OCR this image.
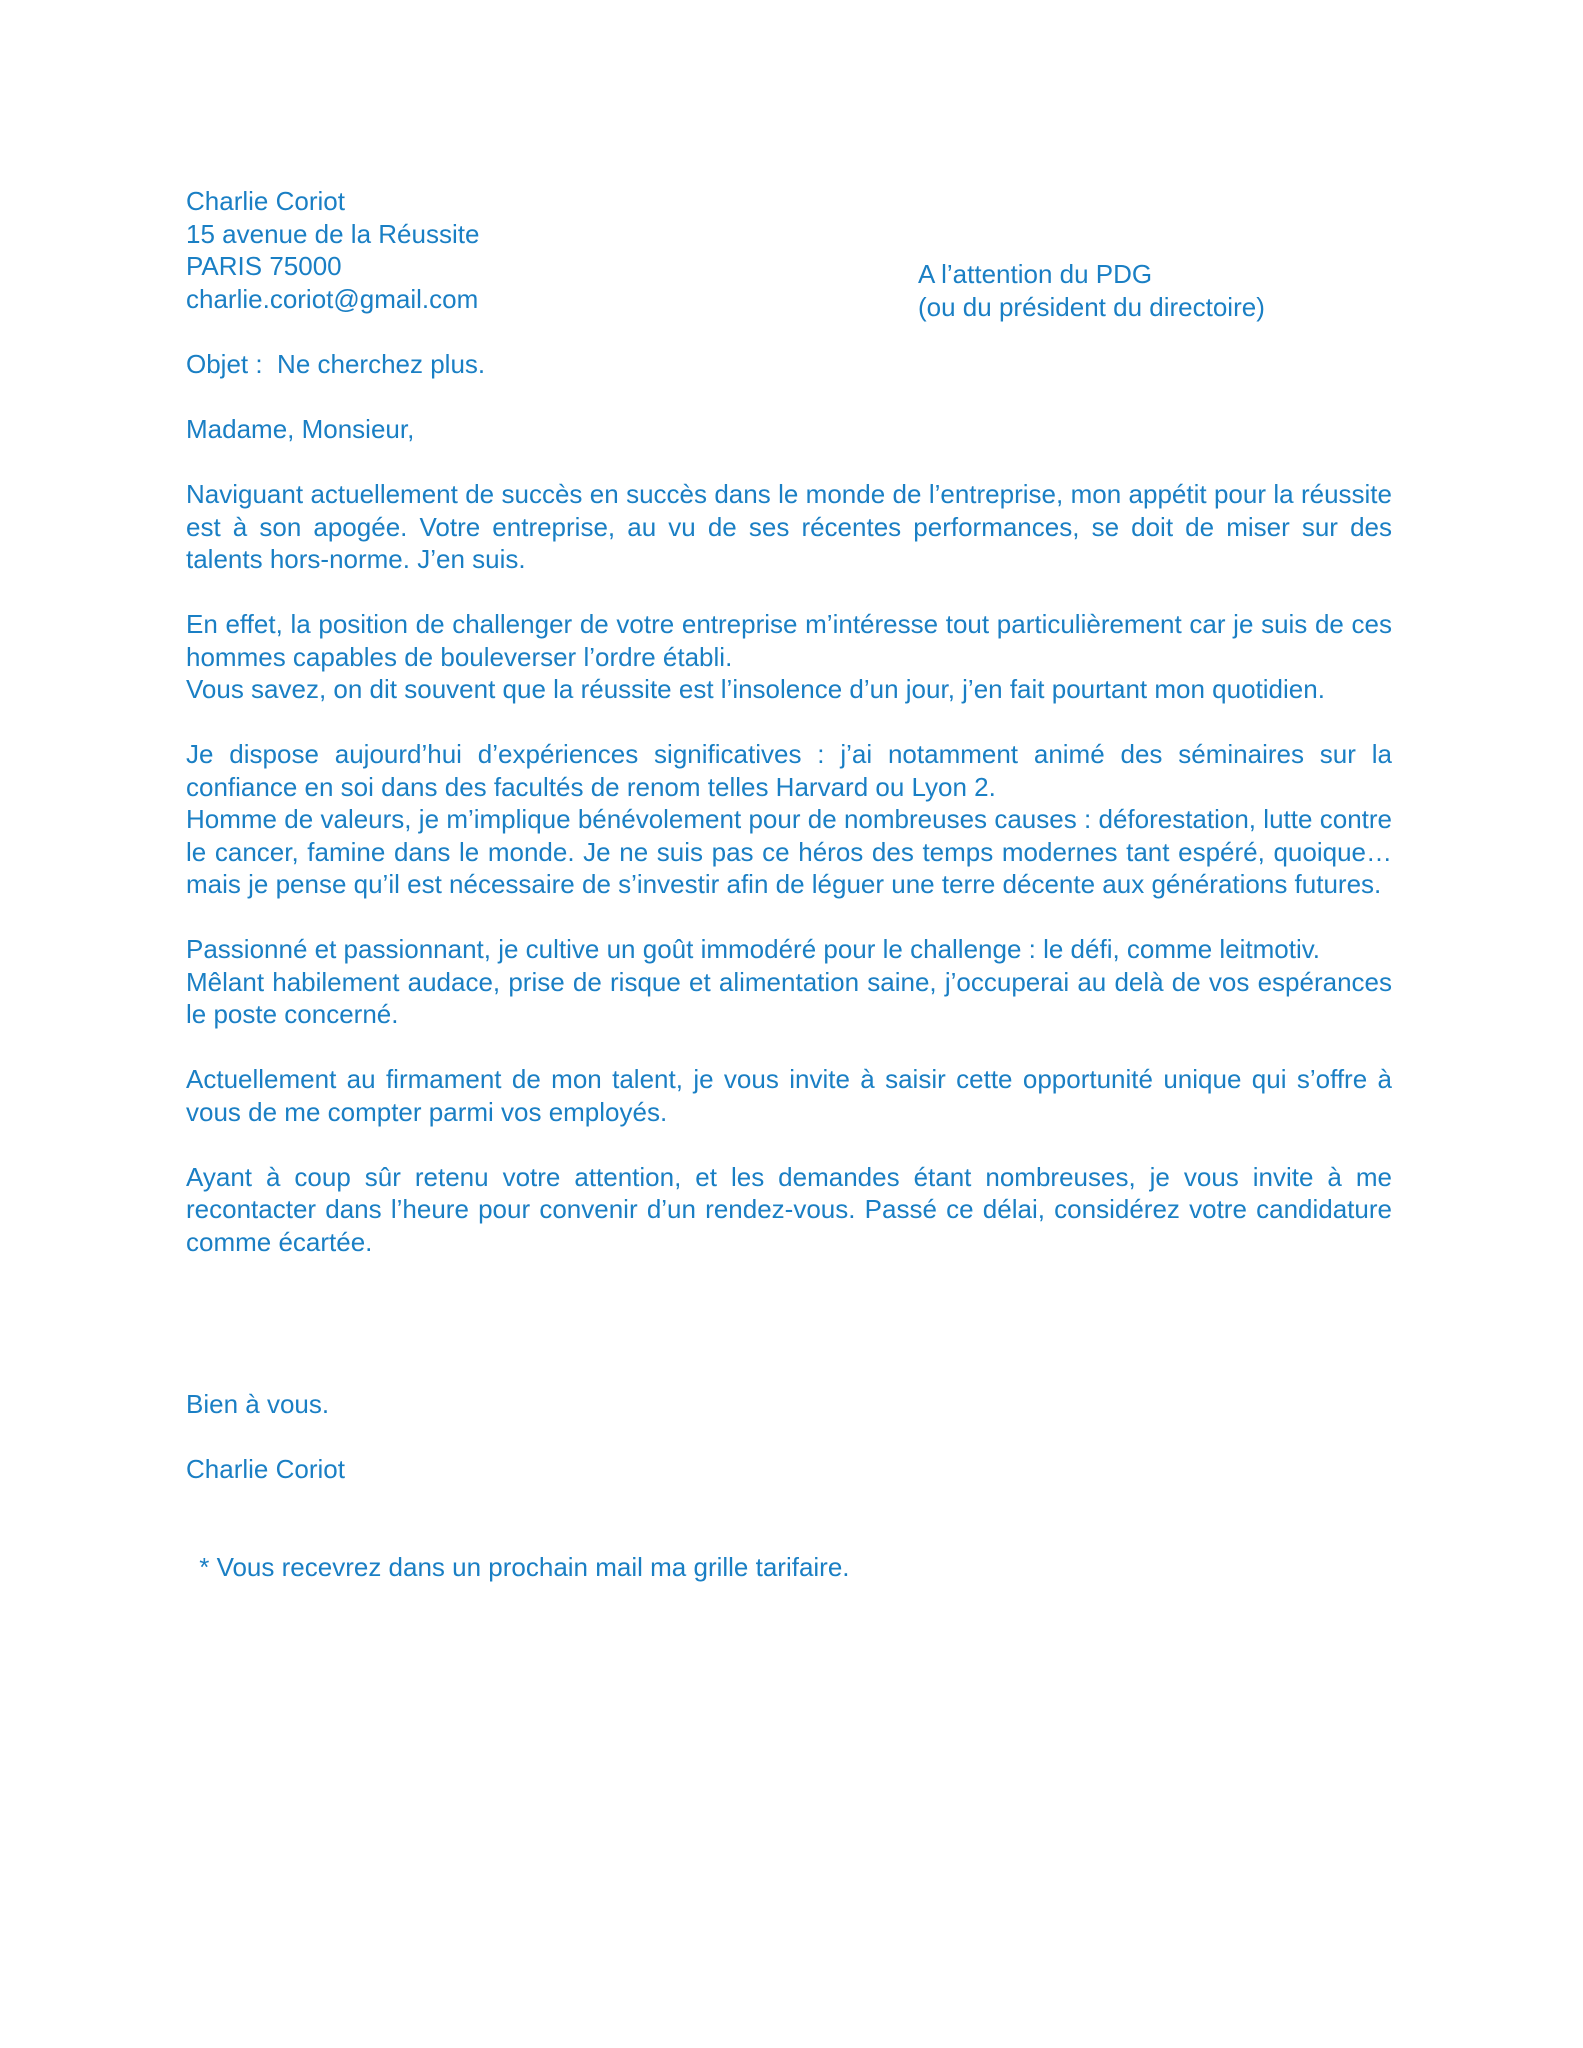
Charlie Coriot
15 avenue de la Réussite
PARIS 75000
charlie.coriot@gmail.com
A l’attention du PDG
(ou du président du directoire)
Objet :  Ne cherchez plus.
Madame, Monsieur,

Naviguant actuellement de succès en succès dans le monde de l’entreprise, mon appétit pour la réussite est à son apogée. Votre entreprise, au vu de ses récentes performances, se doit de miser sur des talents hors-norme. J’en suis.

En effet, la position de challenger de votre entreprise m’intéresse tout particulièrement car je suis de ces hommes capables de bouleverser l’ordre établi.

Vous savez, on dit souvent que la réussite est l’insolence d’un jour, j’en fait pourtant mon quotidien.

Je dispose aujourd’hui d’expériences significatives : j’ai notamment animé des séminaires sur la confiance en soi dans des facultés de renom telles Harvard ou Lyon 2.

Homme de valeurs, je m’implique bénévolement pour de nombreuses causes : déforestation, lutte contre le cancer, famine dans le monde. Je ne suis pas ce héros des temps modernes tant espéré, quoique… mais je pense qu’il est nécessaire de s’investir afin de léguer une terre décente aux générations futures.

Passionné et passionnant, je cultive un goût immodéré pour le challenge : le défi, comme leitmotiv.

Mêlant habilement audace, prise de risque et alimentation saine, j’occuperai au delà de vos espérances le poste concerné.

Actuellement au firmament de mon talent, je vous invite à saisir cette opportunité unique qui s’offre à vous de me compter parmi vos employés.

Ayant à coup sûr retenu votre attention, et les demandes étant nombreuses, je vous invite à me recontacter dans l’heure pour convenir d’un rendez-vous. Passé ce délai, considérez votre candidature comme écartée.

Bien à vous.
Charlie Coriot
* Vous recevrez dans un prochain mail ma grille tarifaire.
